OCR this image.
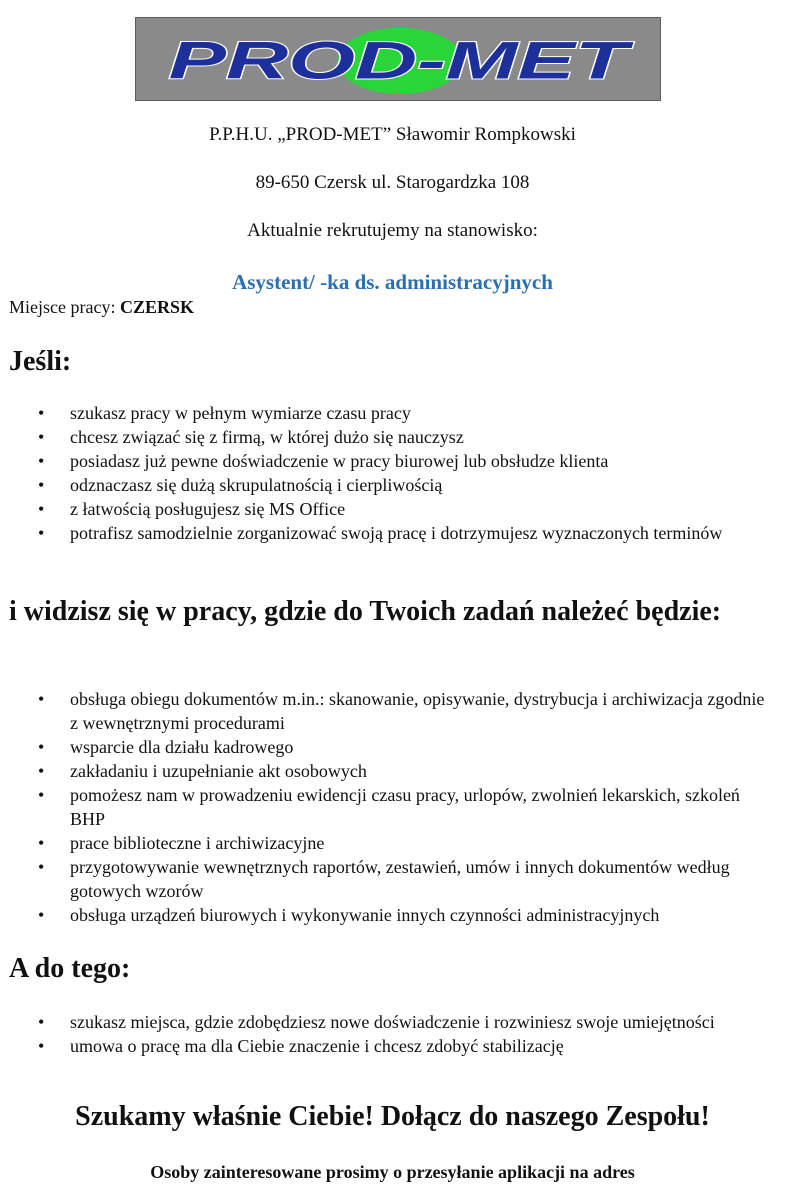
PROD-MET
P.P.H.U. „PROD-MET” Sławomir Rompkowski
89-650 Czersk ul. Starogardzka 108
Aktualnie rekrutujemy na stanowisko:
Asystent/ -ka ds. administracyjnych
Miejsce pracy: CZERSK
Jeśli:
• szukasz pracy w pełnym wymiarze czasu pracy
• chcesz związać się z firmą, w której dużo się nauczysz
• posiadasz już pewne doświadczenie w pracy biurowej lub obsłudze klienta
• odznaczasz się dużą skrupulatnością i cierpliwością
• z łatwością posługujesz się MS Office
• potrafisz samodzielnie zorganizować swoją pracę i dotrzymujesz wyznaczonych terminów
i widzisz się w pracy, gdzie do Twoich zadań należeć będzie:
• obsługa obiegu dokumentów m.in.: skanowanie, opisywanie, dystrybucja i archiwizacja zgodnie z wewnętrznymi procedurami
• wsparcie dla działu kadrowego
• zakładaniu i uzupełnianie akt osobowych
• pomożesz nam w prowadzeniu ewidencji czasu pracy, urlopów, zwolnień lekarskich, szkoleń BHP
• prace biblioteczne i archiwizacyjne
• przygotowywanie wewnętrznych raportów, zestawień, umów i innych dokumentów według gotowych wzorów
• obsługa urządzeń biurowych i wykonywanie innych czynności administracyjnych
A do tego:
• szukasz miejsca, gdzie zdobędziesz nowe doświadczenie i rozwiniesz swoje umiejętności
• umowa o pracę ma dla Ciebie znaczenie i chcesz zdobyć stabilizację
Szukamy właśnie Ciebie! Dołącz do naszego Zespołu!
Osoby zainteresowane prosimy o przesyłanie aplikacji na adres
